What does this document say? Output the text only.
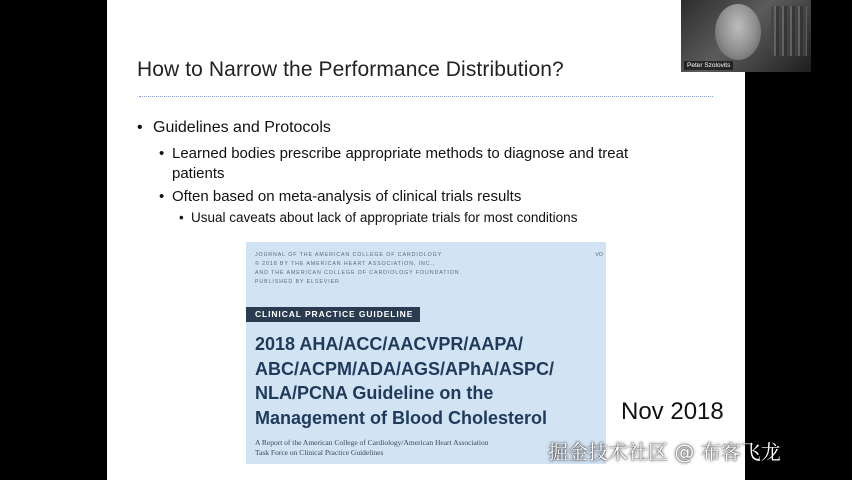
How to Narrow the Performance Distribution?
• Guidelines and Protocols
• Learned bodies prescribe appropriate methods to diagnose and treat
patients
• Often based on meta-analysis of clinical trials results
• Usual caveats about lack of appropriate trials for most conditions
JOURNAL OF THE AMERICAN COLLEGE OF CARDIOLOGY
© 2018 BY THE AMERICAN HEART ASSOCIATION, INC.,
AND THE AMERICAN COLLEGE OF CARDIOLOGY FOUNDATION.
PUBLISHED BY ELSEVIER
VO
CLINICAL PRACTICE GUIDELINE
2018 AHA/ACC/AACVPR/AAPA/
ABC/ACPM/ADA/AGS/APhA/ASPC/
NLA/PCNA Guideline on the
Management of Blood Cholesterol
A Report of the American College of Cardiology/American Heart Association
Task Force on Clinical Practice Guidelines
Nov 2018
Peter Szolovits
掘金技术社区 @ 布客飞龙
